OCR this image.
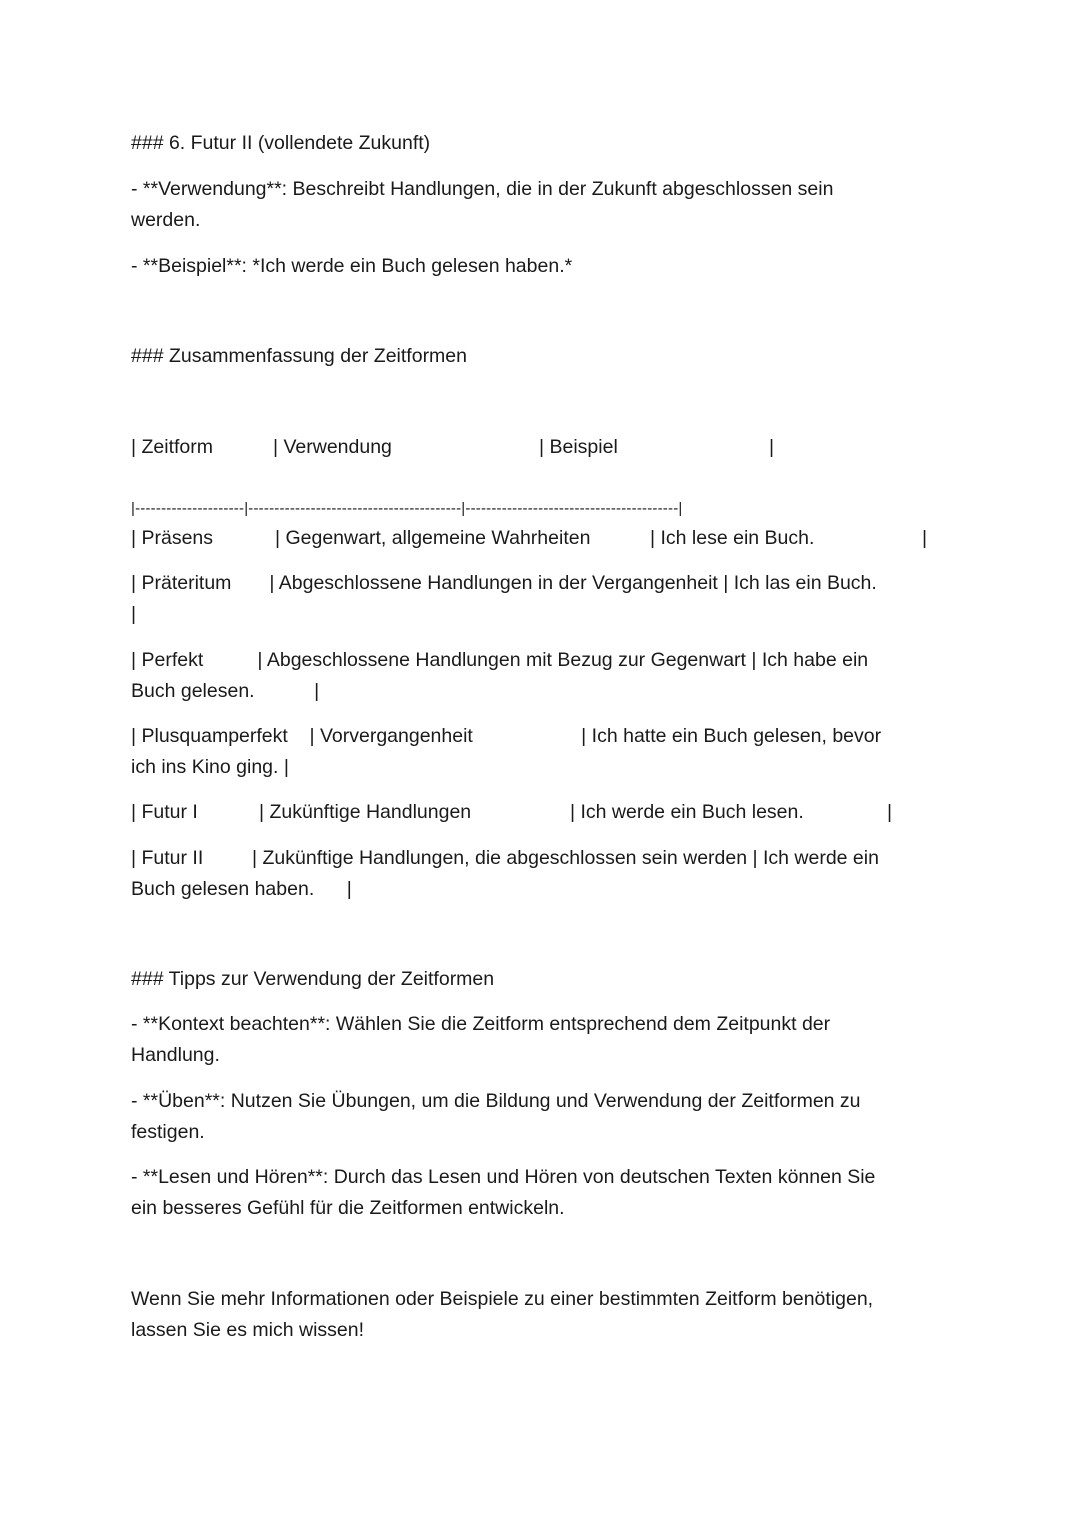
### 6. Futur II (vollendete Zukunft)

- **Verwendung**: Beschreibt Handlungen, die in der Zukunft abgeschlossen sein

werden.

- **Beispiel**: *Ich werde ein Buch gelesen haben.*

### Zusammenfassung der Zeitformen

| Zeitform	| Verwendung	| Beispiel	|

|---------------------|-----------------------------------------|-----------------------------------------|

| Präsens	| Gegenwart, allgemeine Wahrheiten	| Ich lese ein Buch.	|

| Präteritum       | Abgeschlossene Handlungen in der Vergangenheit | Ich las ein Buch.

|

| Perfekt          | Abgeschlossene Handlungen mit Bezug zur Gegenwart | Ich habe ein

Buch gelesen.           |

| Plusquamperfekt    | Vorvergangenheit                    | Ich hatte ein Buch gelesen, bevor

ich ins Kino ging. |

| Futur I	| Zukünftige Handlungen	| Ich werde ein Buch lesen.	|

| Futur II         | Zukünftige Handlungen, die abgeschlossen sein werden | Ich werde ein

Buch gelesen haben.      |

### Tipps zur Verwendung der Zeitformen

- **Kontext beachten**: Wählen Sie die Zeitform entsprechend dem Zeitpunkt der

Handlung.

- **Üben**: Nutzen Sie Übungen, um die Bildung und Verwendung der Zeitformen zu

festigen.

- **Lesen und Hören**: Durch das Lesen und Hören von deutschen Texten können Sie

ein besseres Gefühl für die Zeitformen entwickeln.

Wenn Sie mehr Informationen oder Beispiele zu einer bestimmten Zeitform benötigen,

lassen Sie es mich wissen!
